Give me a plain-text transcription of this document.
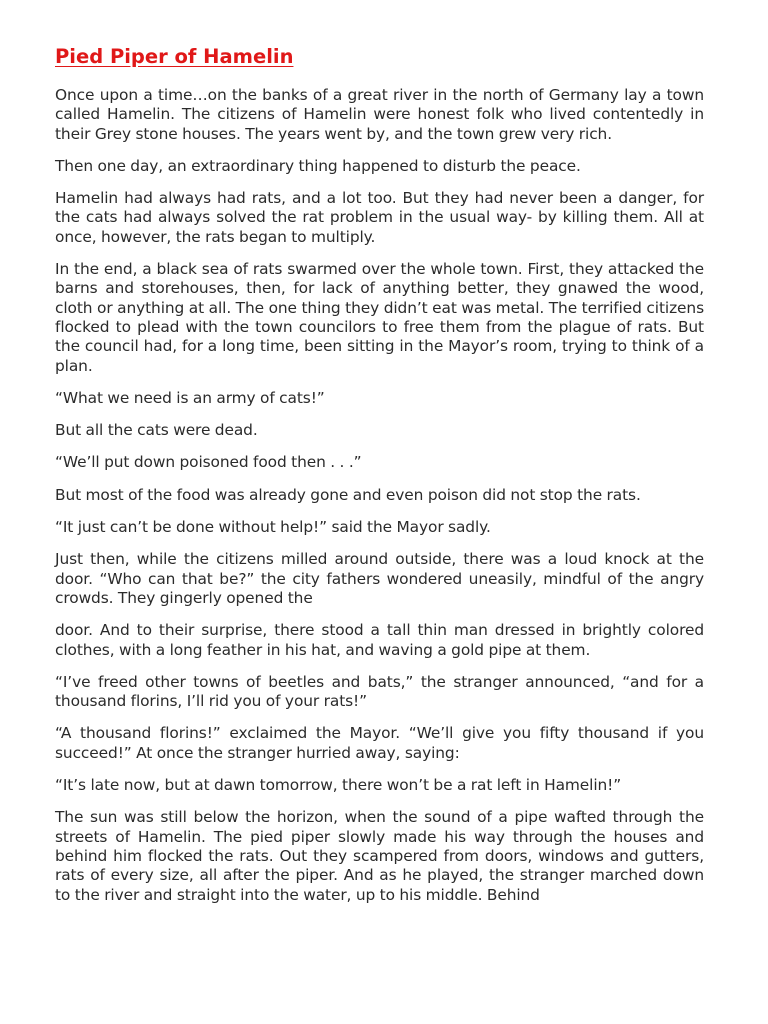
Pied Piper of Hamelin

Once upon a time…on the banks of a great river in the north of Germany lay a town called Hamelin. The citizens of Hamelin were honest folk who lived contentedly in their Grey stone houses. The years went by, and the town grew very rich.

Then one day, an extraordinary thing happened to disturb the peace.

Hamelin had always had rats, and a lot too. But they had never been a danger, for the cats had always solved the rat problem in the usual way- by killing them. All at once, however, the rats began to multiply.

In the end, a black sea of rats swarmed over the whole town. First, they attacked the barns and storehouses, then, for lack of anything better, they gnawed the wood, cloth or anything at all. The one thing they didn’t eat was metal. The terrified citizens flocked to plead with the town councilors to free them from the plague of rats. But the council had, for a long time, been sitting in the Mayor’s room, trying to think of a plan.

“What we need is an army of cats!”

But all the cats were dead.

“We’ll put down poisoned food then . . .”

But most of the food was already gone and even poison did not stop the rats.

“It just can’t be done without help!” said the Mayor sadly.

Just then, while the citizens milled around outside, there was a loud knock at the door. “Who can that be?” the city fathers wondered uneasily, mindful of the angry crowds. They gingerly opened the

door. And to their surprise, there stood a tall thin man dressed in brightly colored clothes, with a long feather in his hat, and waving a gold pipe at them.

“I’ve freed other towns of beetles and bats,” the stranger announced, “and for a thousand florins, I’ll rid you of your rats!”

“A thousand florins!” exclaimed the Mayor. “We’ll give you fifty thousand if you succeed!” At once the stranger hurried away, saying:

“It’s late now, but at dawn tomorrow, there won’t be a rat left in Hamelin!”

The sun was still below the horizon, when the sound of a pipe wafted through the streets of Hamelin. The pied piper slowly made his way through the houses and behind him flocked the rats. Out they scampered from doors, windows and gutters, rats of every size, all after the piper. And as he played, the stranger marched down to the river and straight into the water, up to his middle. Behind
